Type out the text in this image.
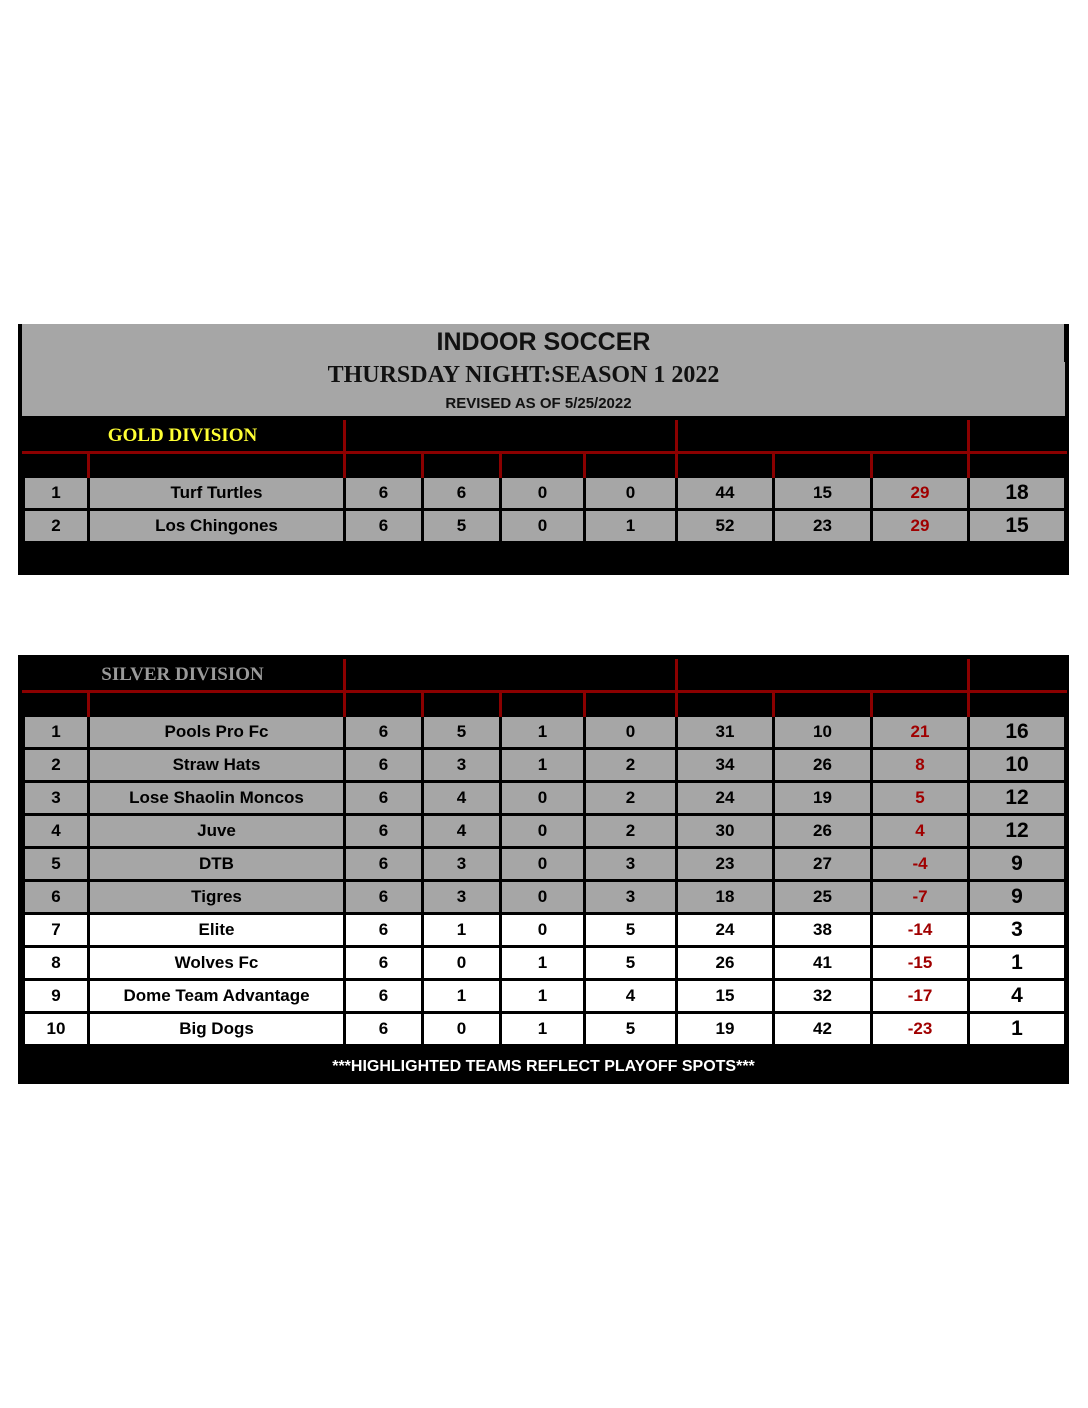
INDOOR SOCCER
THURSDAY NIGHT:SEASON 1 2022
REVISED AS OF 5/25/2022
GOLD DIVISION		SEASON RECORD				GOALS			TOTAL
POS.	TEAM NAME	GAMES	WINS	TIES	LOSSES	FOR	AGAINST	DIFF.	POINTS
1	Turf Turtles	6	6	0	0	44	15	29	18
2	Los Chingones	6	5	0	1	52	23	29	15
SILVER DIVISION		SEASON RECORD				GOALS			TOTAL
POS.	TEAM NAME	GAMES	WINS	TIES	LOSSES	FOR	AGAINST	DIFF.	POINTS
1	Pools Pro Fc	6	5	1	0	31	10	21	16
2	Straw Hats	6	3	1	2	34	26	8	10
3	Lose Shaolin Moncos	6	4	0	2	24	19	5	12
4	Juve	6	4	0	2	30	26	4	12
5	DTB	6	3	0	3	23	27	-4	9
6	Tigres	6	3	0	3	18	25	-7	9
7	Elite	6	1	0	5	24	38	-14	3
8	Wolves Fc	6	0	1	5	26	41	-15	1
9	Dome Team Advantage	6	1	1	4	15	32	-17	4
10	Big Dogs	6	0	1	5	19	42	-23	1
***HIGHLIGHTED TEAMS REFLECT PLAYOFF SPOTS***
